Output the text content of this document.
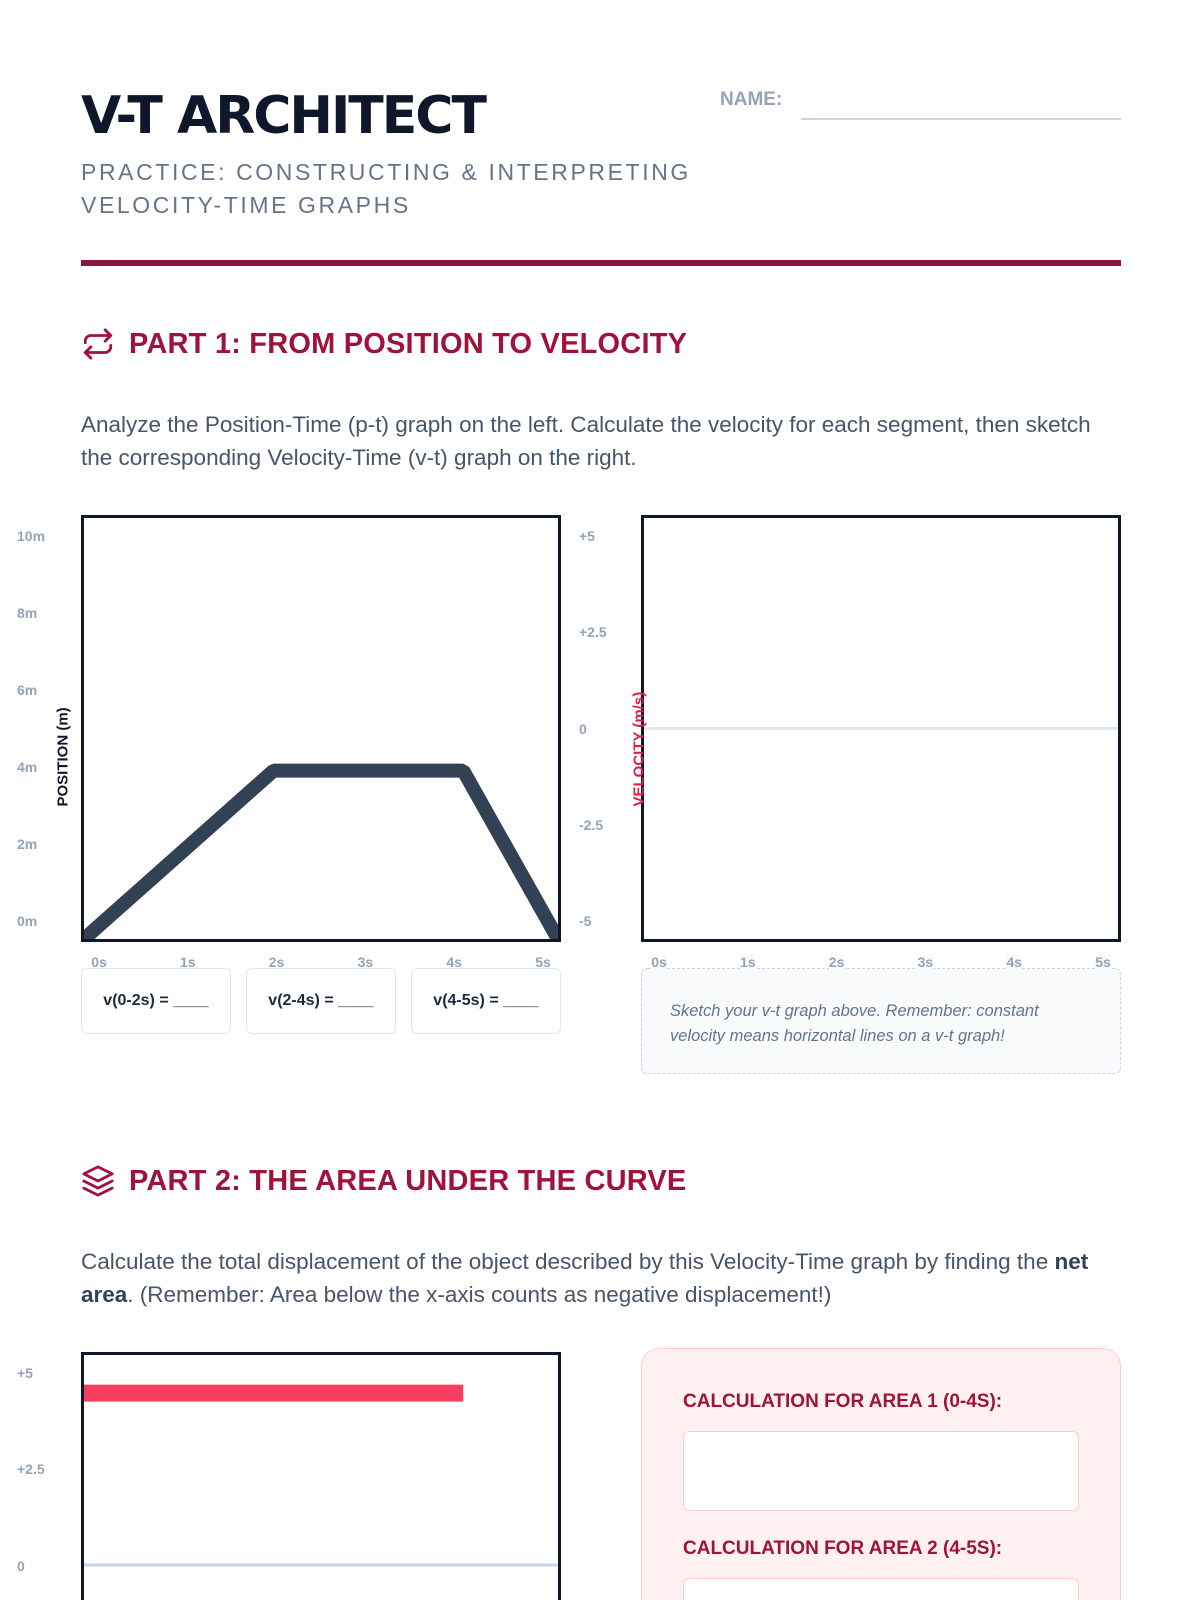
V-T ARCHITECT
PRACTICE: CONSTRUCTING & INTERPRETING VELOCITY-TIME GRAPHS
NAME:
PART 1: FROM POSITION TO VELOCITY

Analyze the Position-Time (p-t) graph on the left. Calculate the velocity for each segment, then sketch the corresponding Velocity-Time (v-t) graph on the right.

POSITION (m)
v(0-2s) = ____	v(2-4s) = ____	v(4-5s) = ____
Sketch your v-t graph above. Remember: constant velocity means horizontal lines on a v-t graph!
VELOCITY (m/s)
PART 2: THE AREA UNDER THE CURVE

Calculate the total displacement of the object described by this Velocity-Time graph by finding the net area. (Remember: Area below the x-axis counts as negative displacement!)

CALCULATION FOR AREA 1 (0-4S):
CALCULATION FOR AREA 2 (4-5S):
10m
8m
6m
4m
2m
0m
0s	1s	2s	3s	4s	5s
+5
+2.5
0
-2.5
-5
0s	1s	2s	3s	4s	5s
+5
+2.5
0
